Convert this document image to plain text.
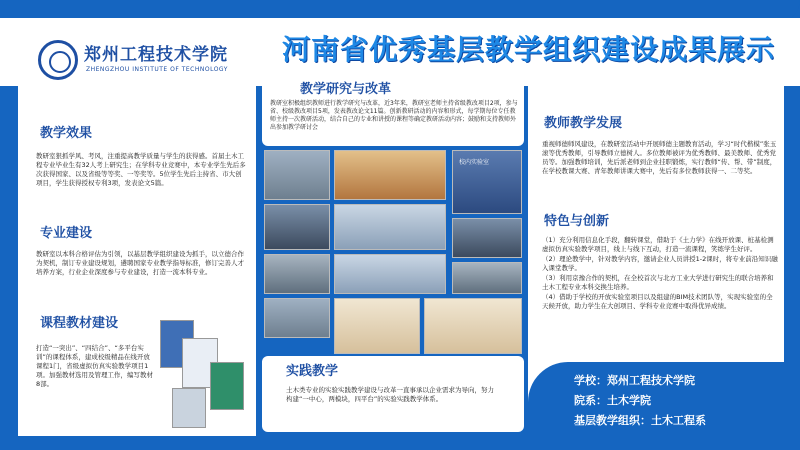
郑州工程技术学院
ZHENGZHOU INSTITUTE OF TECHNOLOGY
河南省优秀基层教学组织建设成果展示
教学效果
教研室狠抓学风、考风，注重提高教学质量与学生的获得感。首届土木工程专业毕业生有32人考上研究生；在学科专业竞赛中，本专业学生先后多次获得国家、以及省级等等奖、一等奖等。5位学生先后主持省、市大创项目，学生获得授权专利3项，发表论文5篇。
专业建设
教研室以本科合格评估为引领，以基层教学组织建设为抓手，以立德合作为契机，制订专业建设规划，遴聘国家专业教学指导标准，修订完善人才培养方案，行业企业深度参与专业建设，打造一流本科专业。
课程教材建设
打造“一突出”、“四结合”、“多平台实训”的课程体系，建成校级精品在线开放课程1门，省级虚拟仿真实验教学项目1项。加强教材选用及管理工作，编写教材8部。
教学研究与改革
教研室积极组织教师进行教学研究与改革，近3年来，教研室老师主持省级教改项目2项，参与省、校级教改项目5项，发表教改论文11篇。创新教研活动的内容和形式，每学期每位专任教师主持一次教研活动，结合自己的专业和讲授的课程等确定教研活动内容；鼓励和支持教师外出参加教学研讨会
校内实验室
实践教学
土木类专业的实验实践教学建设与改革一直事承以企业需求为导向，努力构建“一中心，两模块，四平台”的实验实践教学体系。
教师教学发展
重视师德师风建设，在教研室活动中开展师德主题教育活动，学习“时代楷模”张玉滚等优秀教师，引导教师立德树人。多位教师被评为优秀教师、最美教师、优秀党员等。加强教师培训，先后派老师到企业挂职锻炼，实行教师“传、帮、带”制度，在学校教课大赛、青年教师讲课大赛中，先后有多位教师获得一、二等奖。
特色与创新
（1）充分利用信息化手段，翻转课堂，借助于《土力学》在线开放课、桩基检测虚拟仿真实验教学项目，线上与线下互动，打造一流课程，笑练学生好评。
（2）理论教学中，针对教学内容，邀请企业人员讲授1-2课时，将专业前沿知识融入课堂教学。
（3）利用京豫合作的契机，在全校首次与北方工业大学进行研究生的联合培养和土木工程专业本科交换生培养。
（4）借助于学校的开放实验室项目以及组建的BIM技术团队等，实现实验室的全天候开放，助力学生在大创项目、学科专业竞赛中取得优异成绩。
学校：郑州工程技术学院
院系：土木学院
基层教学组织：土木工程系
